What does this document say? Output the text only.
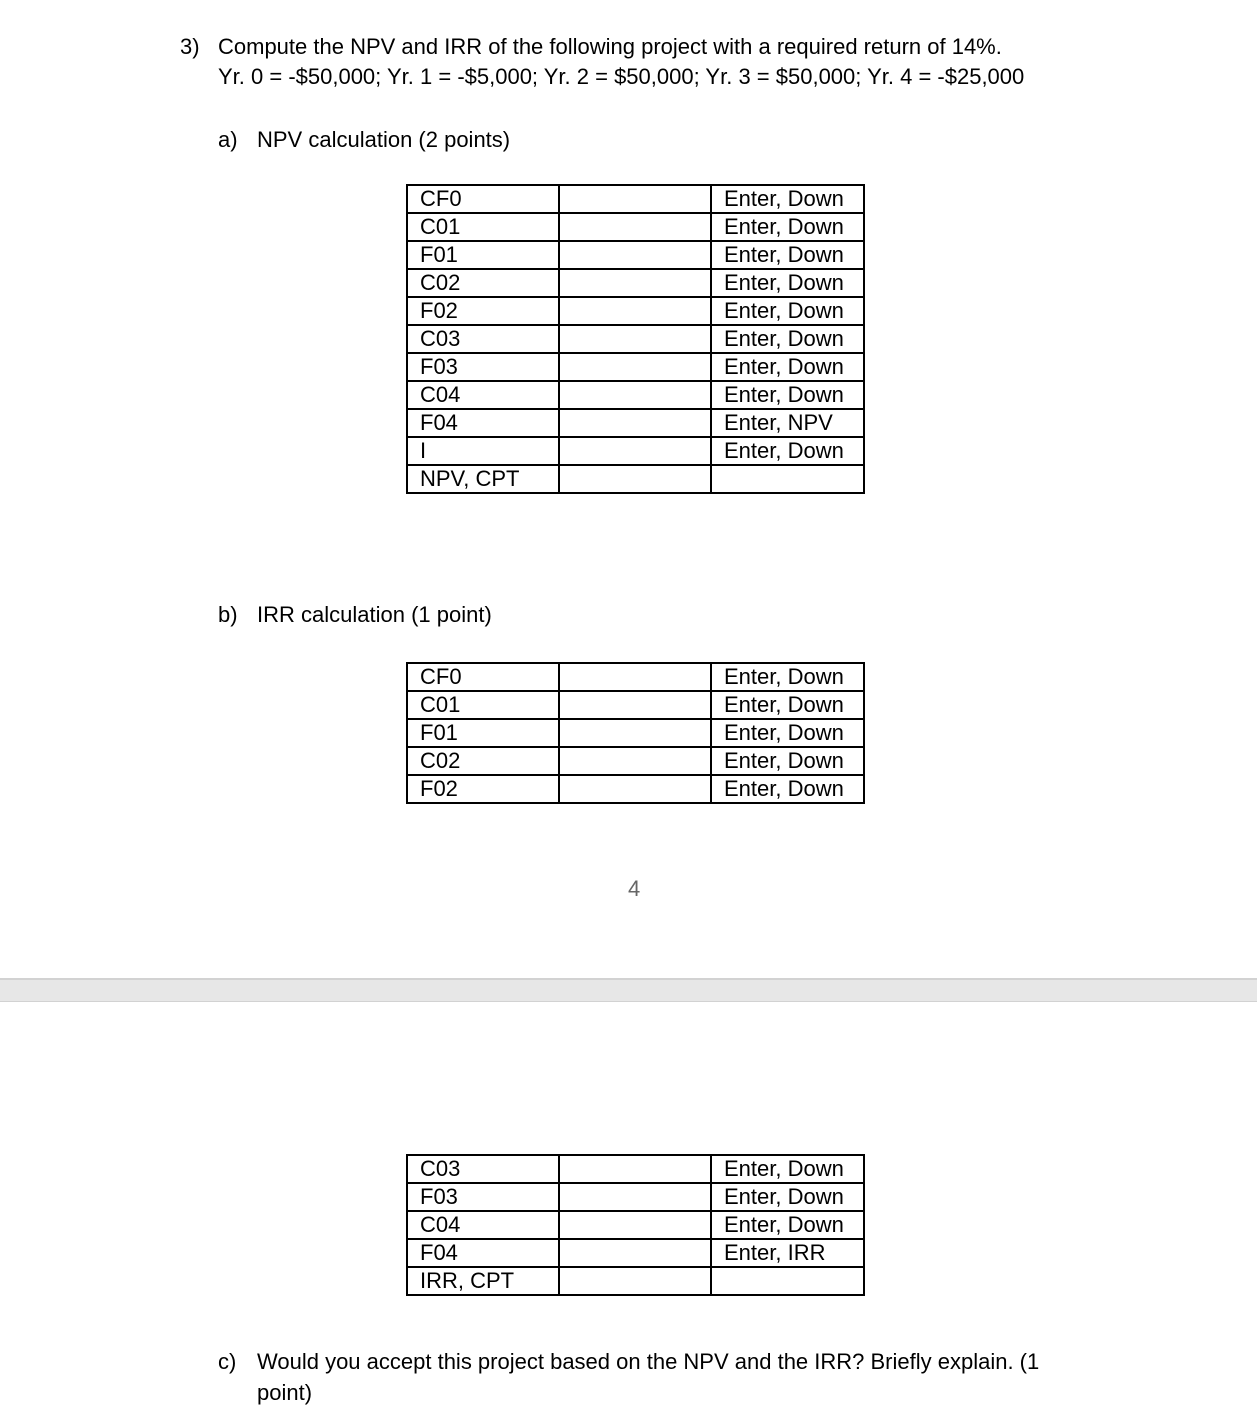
3) Compute the NPV and IRR of the following project with a required return of 14%.
Yr. 0 = -$50,000; Yr. 1 = -$5,000; Yr. 2 = $50,000; Yr. 3 = $50,000; Yr. 4 = -$25,000
a) NPV calculation (2 points)
CF0		Enter, Down
C01		Enter, Down
F01		Enter, Down
C02		Enter, Down
F02		Enter, Down
C03		Enter, Down
F03		Enter, Down
C04		Enter, Down
F04		Enter, NPV
I		Enter, Down
NPV, CPT		
b) IRR calculation (1 point)
CF0		Enter, Down
C01		Enter, Down
F01		Enter, Down
C02		Enter, Down
F02		Enter, Down
4
C03		Enter, Down
F03		Enter, Down
C04		Enter, Down
F04		Enter, IRR
IRR, CPT		
c) Would you accept this project based on the NPV and the IRR? Briefly explain. (1
point)
